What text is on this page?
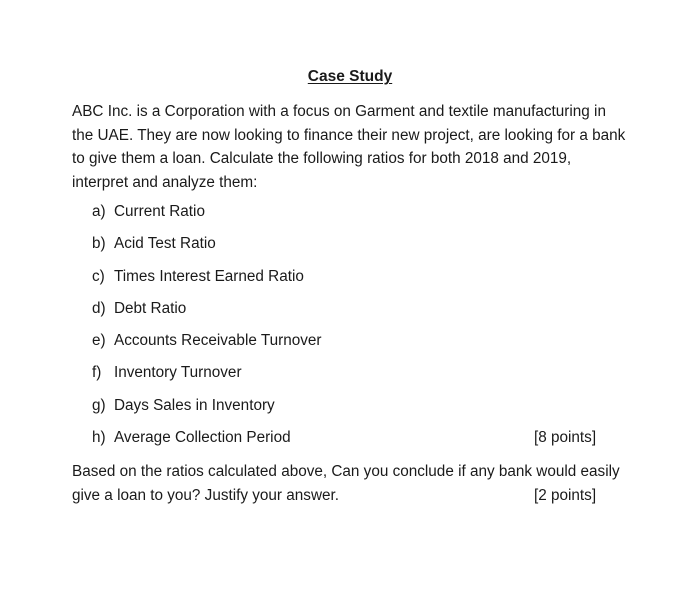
Case Study

ABC Inc. is a Corporation with a focus on Garment and textile manufacturing in
the UAE. They are now looking to finance their new project, are looking for a bank
to give them a loan. Calculate the following ratios for both 2018 and 2019,
interpret and analyze them:

a) Current Ratio
b) Acid Test Ratio
c) Times Interest Earned Ratio
d) Debt Ratio
e) Accounts Receivable Turnover
f) Inventory Turnover
g) Days Sales in Inventory
h) Average Collection Period	[8 points]

Based on the ratios calculated above, Can you conclude if any bank would easily
give a loan to you? Justify your answer.	[2 points]
